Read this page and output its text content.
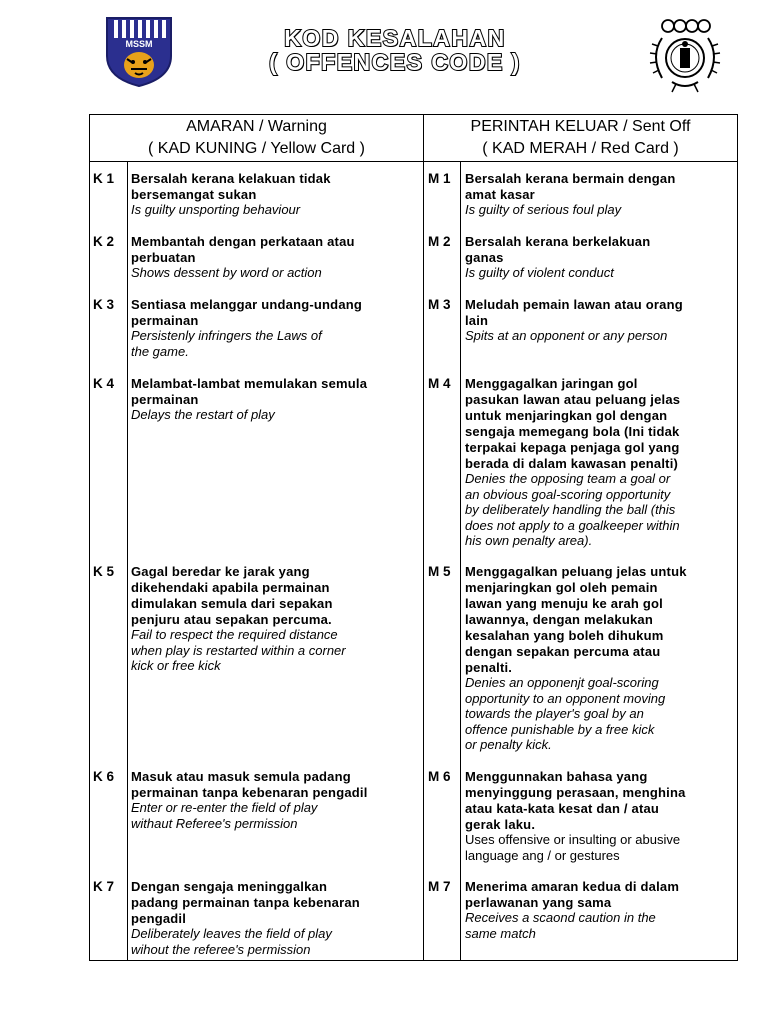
MSSM	KOD KESALAHAN
( OFFENCES CODE )
AMARAN / Warning
( KAD KUNING / Yellow Card )
PERINTAH KELUAR / Sent Off
( KAD MERAH / Red Card )
K 1 Bersalah kerana kelakuan tidak
bersemangat sukan
Is guilty unsporting behaviour
K 2 Membantah dengan perkataan atau
perbuatan
Shows dessent by word or action
K 3 Sentiasa melanggar undang-undang
permainan
Persistenly infringers the Laws of
the game.
K 4 Melambat-lambat memulakan semula
permainan
Delays the restart of play
K 5 Gagal beredar ke jarak yang
dikehendaki apabila permainan
dimulakan semula dari sepakan
penjuru atau sepakan percuma.
Fail to respect the required distance
when play is restarted within a corner
kick or free kick
K 6 Masuk atau masuk semula padang
permainan tanpa kebenaran pengadil
Enter or re-enter the field of play
withaut Referee's permission
K 7 Dengan sengaja meninggalkan
padang permainan tanpa kebenaran
pengadil
Deliberately leaves the field of play
wihout the referee's permission
M 1 Bersalah kerana bermain dengan
amat kasar
Is guilty of serious foul play
M 2 Bersalah kerana berkelakuan
ganas
Is guilty of violent conduct
M 3 Meludah pemain lawan atau orang
lain
Spits at an opponent or any person
M 4 Menggagalkan jaringan gol
pasukan lawan atau peluang jelas
untuk menjaringkan gol dengan
sengaja memegang bola (Ini tidak
terpakai kepaga penjaga gol yang
berada di dalam kawasan penalti)
Denies the opposing team a goal or
an obvious goal-scoring opportunity
by deliberately handling the ball (this
does not apply to a goalkeeper within
his own penalty area).
M 5 Menggagalkan peluang jelas untuk
menjaringkan gol oleh pemain
lawan yang menuju ke arah gol
lawannya, dengan melakukan
kesalahan yang boleh dihukum
dengan sepakan percuma atau
penalti.
Denies an opponenjt goal-scoring
opportunity to an opponent moving
towards the player's goal by an
offence punishable by a free kick
or penalty kick.
M 6 Menggunnakan bahasa yang
menyinggung perasaan, menghina
atau kata-kata kesat dan / atau
gerak laku.
Uses offensive or insulting or abusive
language ang / or gestures
M 7 Menerima amaran kedua di dalam
perlawanan yang sama
Receives a scaond caution in the
same match
